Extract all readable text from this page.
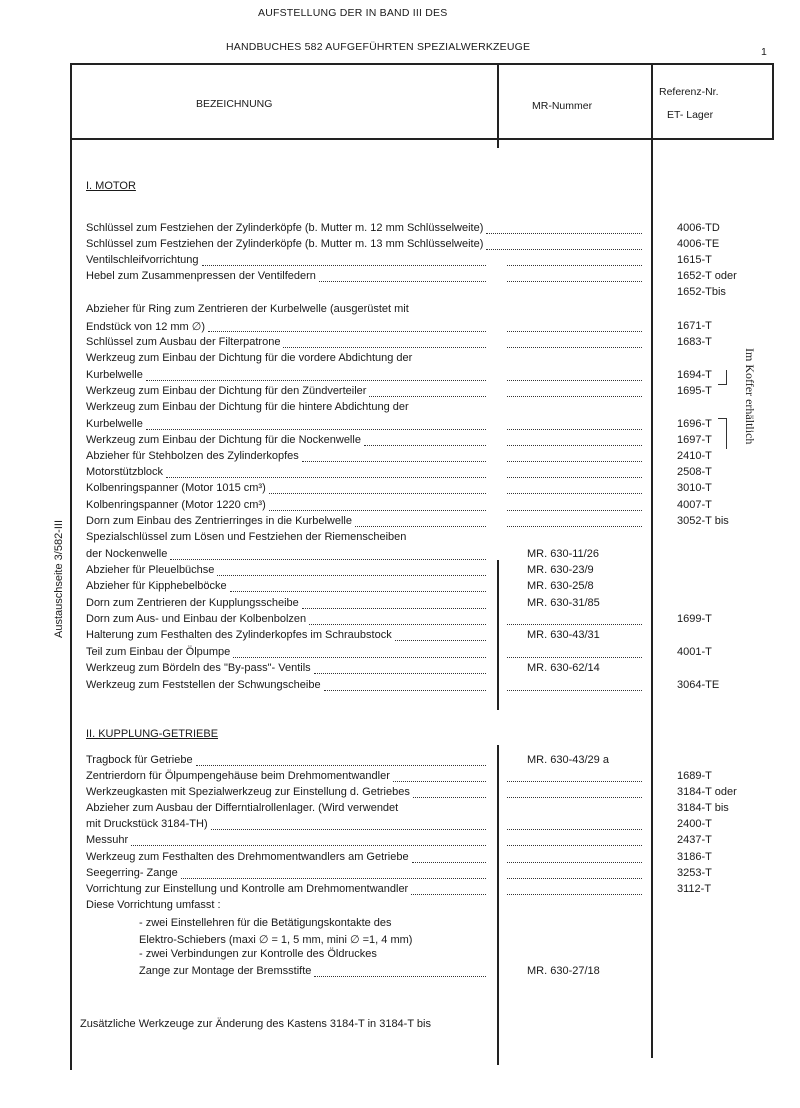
AUFSTELLUNG DER IN BAND III DES
HANDBUCHES 582 AUFGEFÜHRTEN SPEZIALWERKZEUGE	1
BEZEICHNUNG	MR-Nummer
Referenz-Nr.
ET- Lager
Austauschseite 3/582-III
Im Koffer erhältlich
I. MOTOR
II. KUPPLUNG-GETRIEBE
Schlüssel zum Festziehen der Zylinderköpfe (b. Mutter m. 12 mm Schlüsselweite)	4006-TD
Schlüssel zum Festziehen der Zylinderköpfe (b. Mutter m. 13 mm Schlüsselweite)	4006-TE
Ventilschleifvorrichtung	1615-T
Hebel zum Zusammenpressen der Ventilfedern	1652-T oder
1652-Tbis
Abzieher für Ring zum Zentrieren der Kurbelwelle (ausgerüstet mit
Endstück von 12 mm ∅)	1671-T
Schlüssel zum Ausbau der Filterpatrone	1683-T
Werkzeug zum Einbau der Dichtung für die vordere Abdichtung der
Kurbelwelle	1694-T
Werkzeug zum Einbau der Dichtung für den Zündverteiler	1695-T
Werkzeug zum Einbau der Dichtung für die hintere Abdichtung der
Kurbelwelle	1696-T
Werkzeug zum Einbau der Dichtung für die Nockenwelle	1697-T
Abzieher für Stehbolzen des Zylinderkopfes	2410-T
Motorstützblock	2508-T
Kolbenringspanner (Motor 1015 cm³)	3010-T
Kolbenringspanner (Motor 1220 cm³)	4007-T
Dorn zum Einbau des Zentrierringes in die Kurbelwelle	3052-T bis
Spezialschlüssel zum Lösen und Festziehen der Riemenscheiben
der Nockenwelle	MR. 630-11/26
Abzieher für Pleuelbüchse	MR. 630-23/9
Abzieher für Kipphebelböcke	MR. 630-25/8
Dorn zum Zentrieren der Kupplungsscheibe	MR. 630-31/85
Dorn zum Aus- und Einbau der Kolbenbolzen	1699-T
Halterung zum Festhalten des Zylinderkopfes im Schraubstock	MR. 630-43/31
Teil zum Einbau der Ölpumpe	4001-T
Werkzeug zum Bördeln des "By-pass"- Ventils	MR. 630-62/14
Werkzeug zum Feststellen der Schwungscheibe	3064-TE
Tragbock für Getriebe	MR. 630-43/29 a
Zentrierdorn für Ölpumpengehäuse beim Drehmomentwandler	1689-T
Werkzeugkasten mit Spezialwerkzeug zur Einstellung d. Getriebes	3184-T oder
Abzieher zum Ausbau der Differntialrollenlager. (Wird verwendet	3184-T bis
mit Druckstück 3184-TH)	2400-T
Messuhr	2437-T
Werkzeug zum Festhalten des Drehmomentwandlers am Getriebe	3186-T
Seegerring- Zange	3253-T
Vorrichtung zur Einstellung und Kontrolle am Drehmomentwandler	3112-T
Diese Vorrichtung umfasst :
- zwei Einstellehren für die Betätigungskontakte des
Elektro-Schiebers (maxi ∅ = 1, 5 mm, mini ∅ =1, 4 mm)
- zwei Verbindungen zur Kontrolle des Öldruckes
Zange zur Montage der Bremsstifte	MR. 630-27/18
Zusätzliche Werkzeuge zur Änderung des Kastens 3184-T in 3184-T bis
